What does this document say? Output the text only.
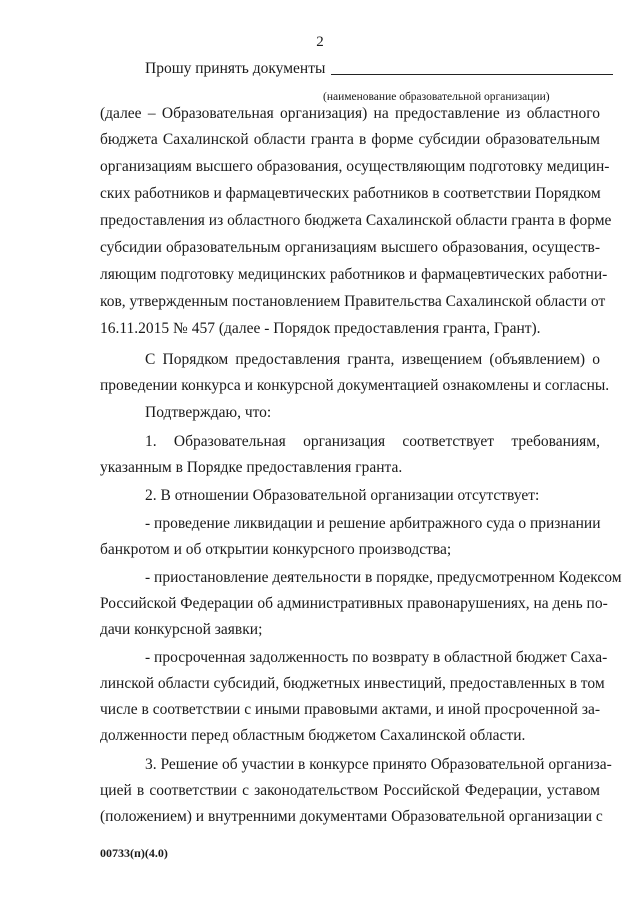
2
Прошу принять документы
(наименование образовательной организации)
(далее – Образовательная организация) на предоставление из областного
бюджета Сахалинской области гранта в форме субсидии образовательным
организациям высшего образования, осуществляющим подготовку медицин-
ских работников и фармацевтических работников в соответствии Порядком
предоставления из областного бюджета Сахалинской области гранта в форме
субсидии образовательным организациям высшего образования, осуществ-
ляющим подготовку медицинских работников и фармацевтических работни-
ков, утвержденным постановлением Правительства Сахалинской области от
16.11.2015 № 457 (далее - Порядок предоставления гранта, Грант).
С Порядком предоставления гранта, извещением (объявлением) о
проведении конкурса и конкурсной документацией ознакомлены и согласны.
Подтверждаю, что:
1. Образовательная организация соответствует требованиям,
указанным в Порядке предоставления гранта.
2. В отношении Образовательной организации отсутствует:
- проведение ликвидации и решение арбитражного суда о признании
банкротом и об открытии конкурсного производства;
- приостановление деятельности в порядке, предусмотренном Кодексом
Российской Федерации об административных правонарушениях, на день по-
дачи конкурсной заявки;
- просроченная задолженность по возврату в областной бюджет Саха-
линской области субсидий, бюджетных инвестиций, предоставленных в том
числе в соответствии с иными правовыми актами, и иной просроченной за-
долженности перед областным бюджетом Сахалинской области.
3. Решение об участии в конкурсе принято Образовательной организа-
цией в соответствии с законодательством Российской Федерации, уставом
(положением) и внутренними документами Образовательной организации с
00733(п)(4.0)
